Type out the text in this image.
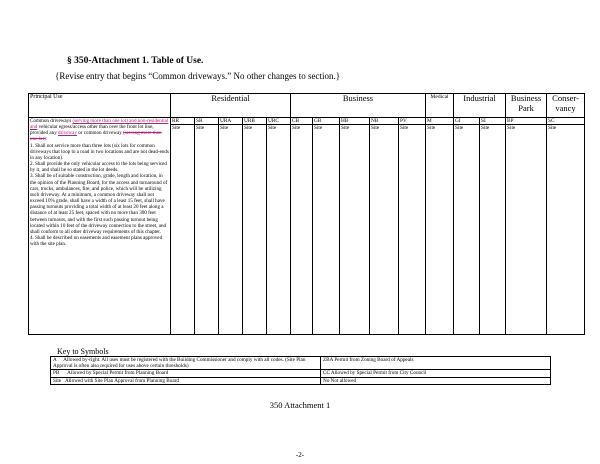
§ 350-Attachment 1. Table of Use.
{Revise entry that begins “Common driveways.” No other changes to section.}
Principal Use	Residential					Business					Medical	Industrial		Business Park	Conser-vancy

Common driveways (serving more than one lot) and non-residential and vehicular egress/access other than over the front lot line, provided any driveway or common driveway (serving more than one lot):

1. Shall not service more than three lots (six lots for common driveways that loop to a road in two locations and are not dead-ends in any location).

2. Shall provide the only vehicular access to the lots being serviced by it, and shall be so stated in the lot deeds.

3. Shall be of suitable construction, grade, length and location, in the opinion of the Planning Board, for the access and turnaround of cars, trucks, ambulances, fire, and police, which will be utilizing such driveway. At a minimum, a common driveway shall not exceed 10% grade, shall have a width of a least 15 feet, shall have passing turnouts providing a total width of at least 20 feet along a distance of at least 25 feet, spaced with no more than 300 feet between turnouts, and with the first such passing turnout being located within 10 feet of the driveway connection to the street, and shall conform to all other driveway requirements of this chapter.

4. Shall be described on easements and easement plans approved with the site plan.	RR	SR	URA	URB	URC	CB	GB	HB	NB	PV	M	GI	SI	BP	SC
	Site	Site	Site	Site	Site	Site	Site	Site	Site	Site	Site	Site	Site	Site	Site
Key to Symbols
A Allowed by-right. All uses must be registered with the Building Commissioner and comply with all codes. (Site Plan Approval is often also required for uses above certain thresholds)	ZBA Permit from Zoning Board of Appeals
PB Allowed by Special Permit from Planning Board	CC Allowed by Special Permit from City Council
Site Allowed with Site Plan Approval from Planning Board	No Not allowed
350 Attachment 1
-2-
